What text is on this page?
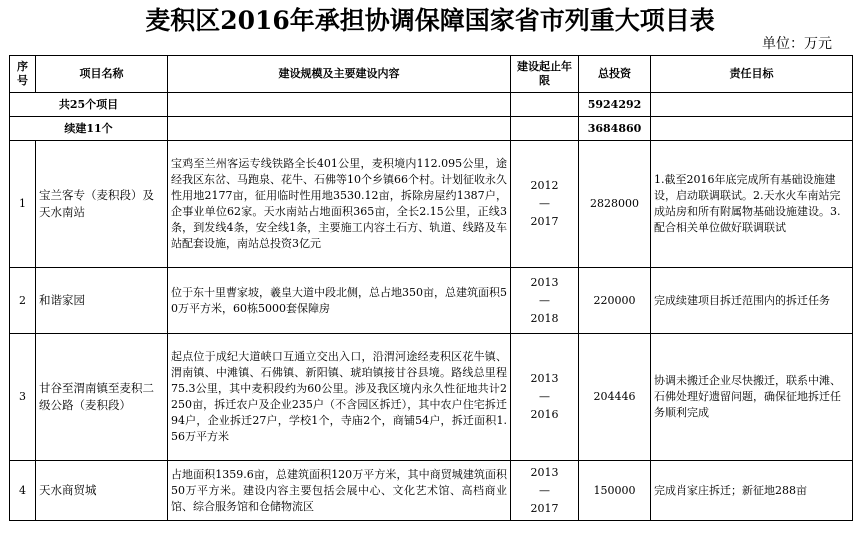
麦积区2016年承担协调保障国家省市列重大项目表
单位：万元
序号	项目名称	建设规模及主要建设内容	建设起止年限	总投资	责任目标
共25个项目				5924292	
续建11个				3684860	
1	宝兰客专（麦积段）及天水南站	宝鸡至兰州客运专线铁路全长401公里，麦积境内112.095公里，途经我区东岔、马跑泉、花牛、石佛等10个乡镇66个村。计划征收永久性用地2177亩，征用临时性用地3530.12亩，拆除房屋约1387户，企事业单位62家。天水南站占地面积365亩，全长2.15公里，正线3条，到发线4条，安全线1条，主要施工内容土石方、轨道、线路及车站配套设施，南站总投资3亿元	2012
—
2017	2828000	1.截至2016年底完成所有基础设施建设，启动联调联试。2.天水火车南站完成站房和所有附属物基础设施建设。3.配合相关单位做好联调联试
2	和谐家园	位于东十里曹家坡，羲皇大道中段北侧，总占地350亩，总建筑面积50万平方米，60栋5000套保障房	2013
—
2018	220000	完成续建项目拆迁范围内的拆迁任务
3	甘谷至渭南镇至麦积二级公路（麦积段）	起点位于成纪大道峡口互通立交出入口，沿渭河途经麦积区花牛镇、渭南镇、中滩镇、石佛镇、新阳镇、琥珀镇接甘谷县境。路线总里程75.3公里，其中麦积段约为60公里。涉及我区境内永久性征地共计2250亩，拆迁农户及企业235户（不含园区拆迁），其中农户住宅拆迁94户，企业拆迁27户，学校1个，寺庙2个，商铺54户，拆迁面积1.56万平方米	2013
—
2016	204446	协调未搬迁企业尽快搬迁，联系中滩、石佛处理好遗留问题，确保征地拆迁任务顺利完成
4	天水商贸城	占地面积1359.6亩，总建筑面积120万平方米，其中商贸城建筑面积50万平方米。建设内容主要包括会展中心、文化艺术馆、高档商业馆、综合服务馆和仓储物流区	2013
—
2017	150000	完成肖家庄拆迁；新征地288亩
